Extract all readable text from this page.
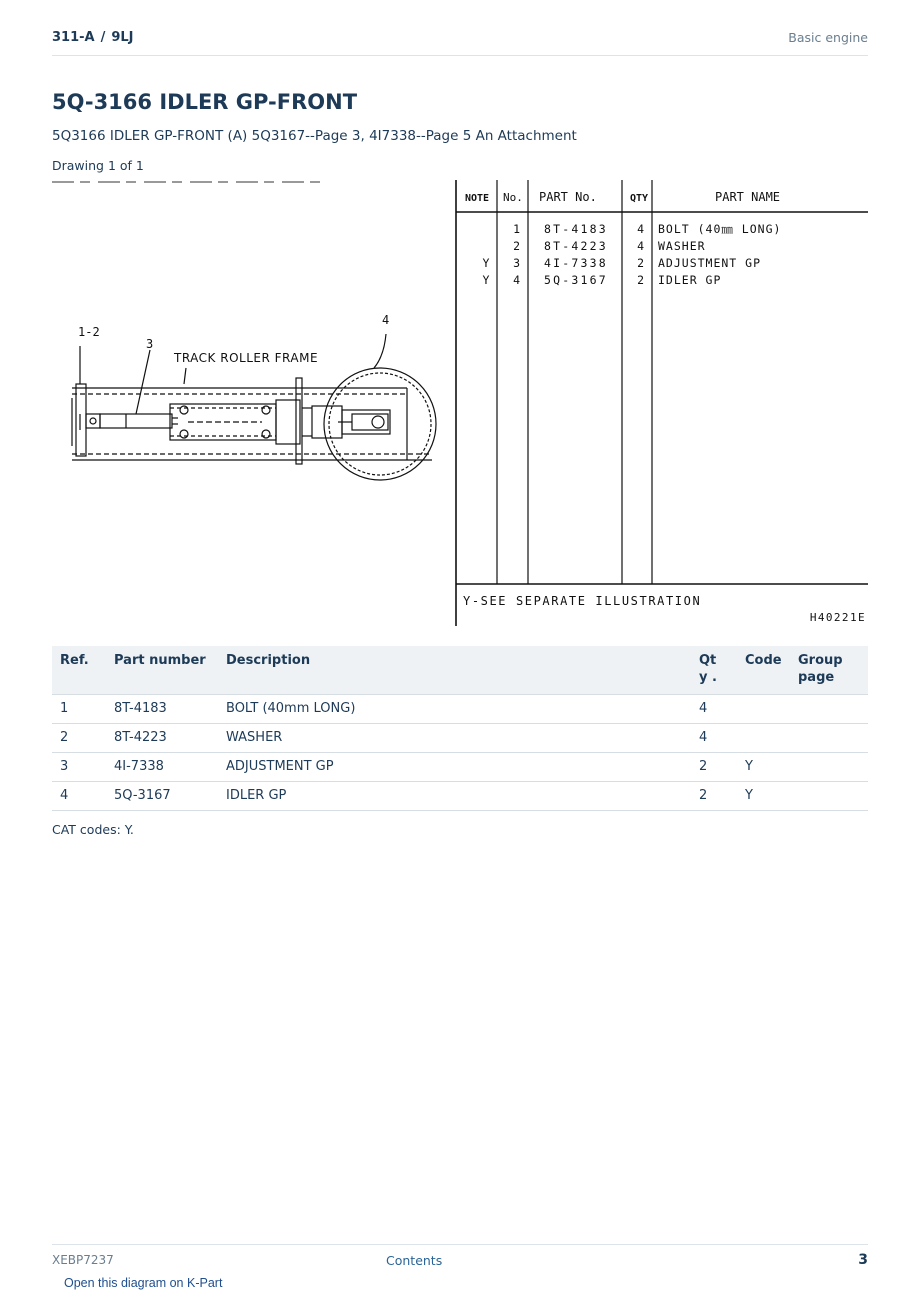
311-A / 9LJ	Basic engine
5Q-3166 IDLER GP-FRONT
5Q3166 IDLER GP-FRONT (A) 5Q3167--Page 3, 4I7338--Page 5 An Attachment
Drawing 1 of 1
1-2
3
4
TRACK ROLLER FRAME
NOTE No. PART No.	QTY	PART NAME
1 8T-4183	4 BOLT (40㎜ LONG)
2 8T-4223	4 WASHER
Y 3 4I-7338	2 ADJUSTMENT GP
Y 4 5Q-3167	2 IDLER GP
Y-SEE SEPARATE ILLUSTRATION
H40221E
Ref.	Part number	Description	Qty .	Code	Group page

1	8T-4183	BOLT (40mm LONG)	4		
2	8T-4223	WASHER	4		
3	4I-7338	ADJUSTMENT GP	2	Y	
4	5Q-3167	IDLER GP	2	Y	
CAT codes: Y.
XEBP7237	Contents	3
Open this diagram on K-Part
